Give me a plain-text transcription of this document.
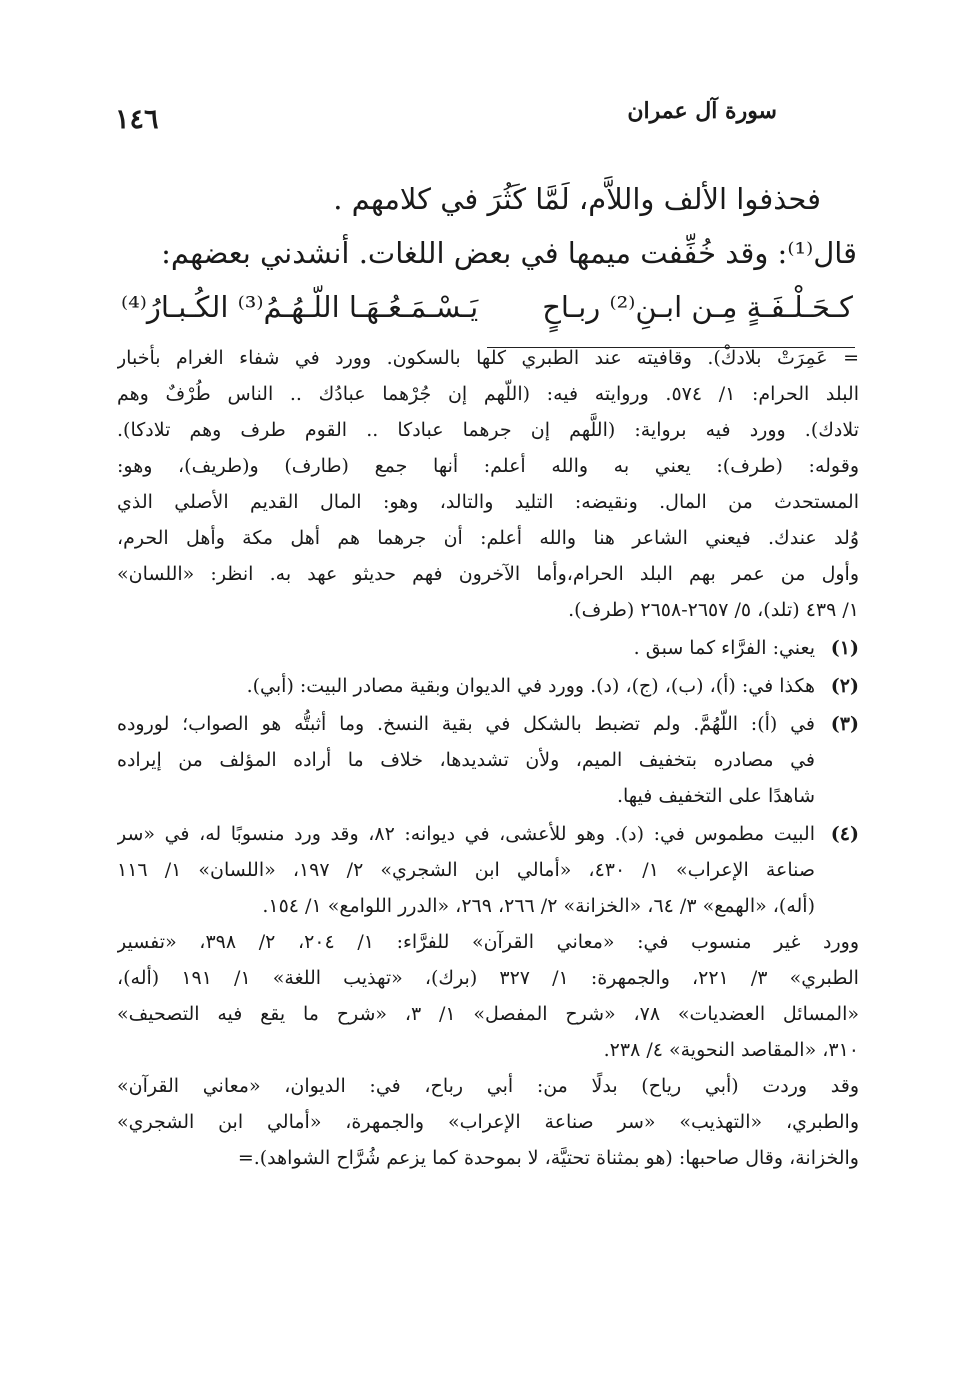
سورة آل عمران
١٤٦
فحذفوا الألف واللاَّم، لَمَّا كَثُرَ في كلامهم .
قال⁽¹⁾: وقد خُفِّفت ميمها في بعض اللغات. أنشدني بعضهم:
كـحَـلْـفَـةٍ مِـن ابـنِ⁽²⁾ ربـاحٍ
يَـسْـمَـعُـهَـا اللّـهُـمُ⁽³⁾ الكُـبـارُ⁽⁴⁾
= عَمِرَتْ بلادكْ). وقافيته عند الطبري كلها بالسكون. وورد في شفاء الغرام بأخبار
البلد الحرام: ١/ ٥٧٤. وروايته فيه: (اللّهم إن جُرْهما عبادُك .. الناس طُرْفٌ وهم
تلادك). وورد فيه برواية: (اللَّهم إن جرهما عبادكا .. القوم طرف وهم تلادكا).
وقوله: (طرف): يعني به والله أعلم: أنها جمع (طارف) و(طريف)، وهو:
المستحدث من المال. ونقيضه: التليد والتالد، وهو: المال القديم الأصلي الذي
وُلد عندك. فيعني الشاعر هنا والله أعلم: أن جرهما هم أهل مكة وأهل الحرم،
وأول من عمر بهم البلد الحرام،وأما الآخرون فهم حديثو عهد به. انظر: «اللسان»
١/ ٤٣٩ (تلد)، ٥/ ٢٦٥٧-٢٦٥٨ (طرف).
(١)
يعني: الفرَّاء كما سبق .
(٢)
هكذا في: (أ)، (ب)، (ج)، (د). وورد في الديوان وبقية مصادر البيت: (أبي).
(٣)
في (أ): اللّهُمَّ. ولم تضبط بالشكل في بقية النسخ. وما أثبتُّه هو الصواب؛ لوروده
في مصادره بتخفيف الميم، ولأن تشديدها، خلاف ما أراده المؤلف من إيراده
شاهدًا على التخفيف فيها.
(٤)
البيت مطموس في: (د). وهو للأعشى، في ديوانه: ٨٢، وقد ورد منسوبًا له، في «سر
صناعة الإعراب» ١/ ٤٣٠، «أمالي ابن الشجري» ٢/ ١٩٧، «اللسان» ١/ ١١٦
(أله)، «الهمع» ٣/ ٦٤، «الخزانة» ٢/ ٢٦٦، ٢٦٩، «الدرر اللوامع» ١/ ١٥٤.
وورد غير منسوب في: «معاني القرآن» للفرَّاء: ١/ ٢٠٤، ٢/ ٣٩٨، «تفسير
الطبري» ٣/ ٢٢١، والجمهرة: ١/ ٣٢٧ (برك)، «تهذيب اللغة» ١/ ١٩١ (أله)،
«المسائل العضديات» ٧٨، «شرح المفصل» ١/ ٣، «شرح ما يقع فيه التصحيف»
٣١٠، «المقاصد النحوية» ٤/ ٢٣٨.
وقد وردت (أبي رياح) بدلًا من: أبي رباح، في: الديوان، «معاني القرآن»
والطبري، «التهذيب» «سر صناعة الإعراب» والجمهرة، «أمالي ابن الشجري»
والخزانة، وقال صاحبها: (هو بمثناة تحتيَّة، لا بموحدة كما يزعم شُرَّاح الشواهد).=
